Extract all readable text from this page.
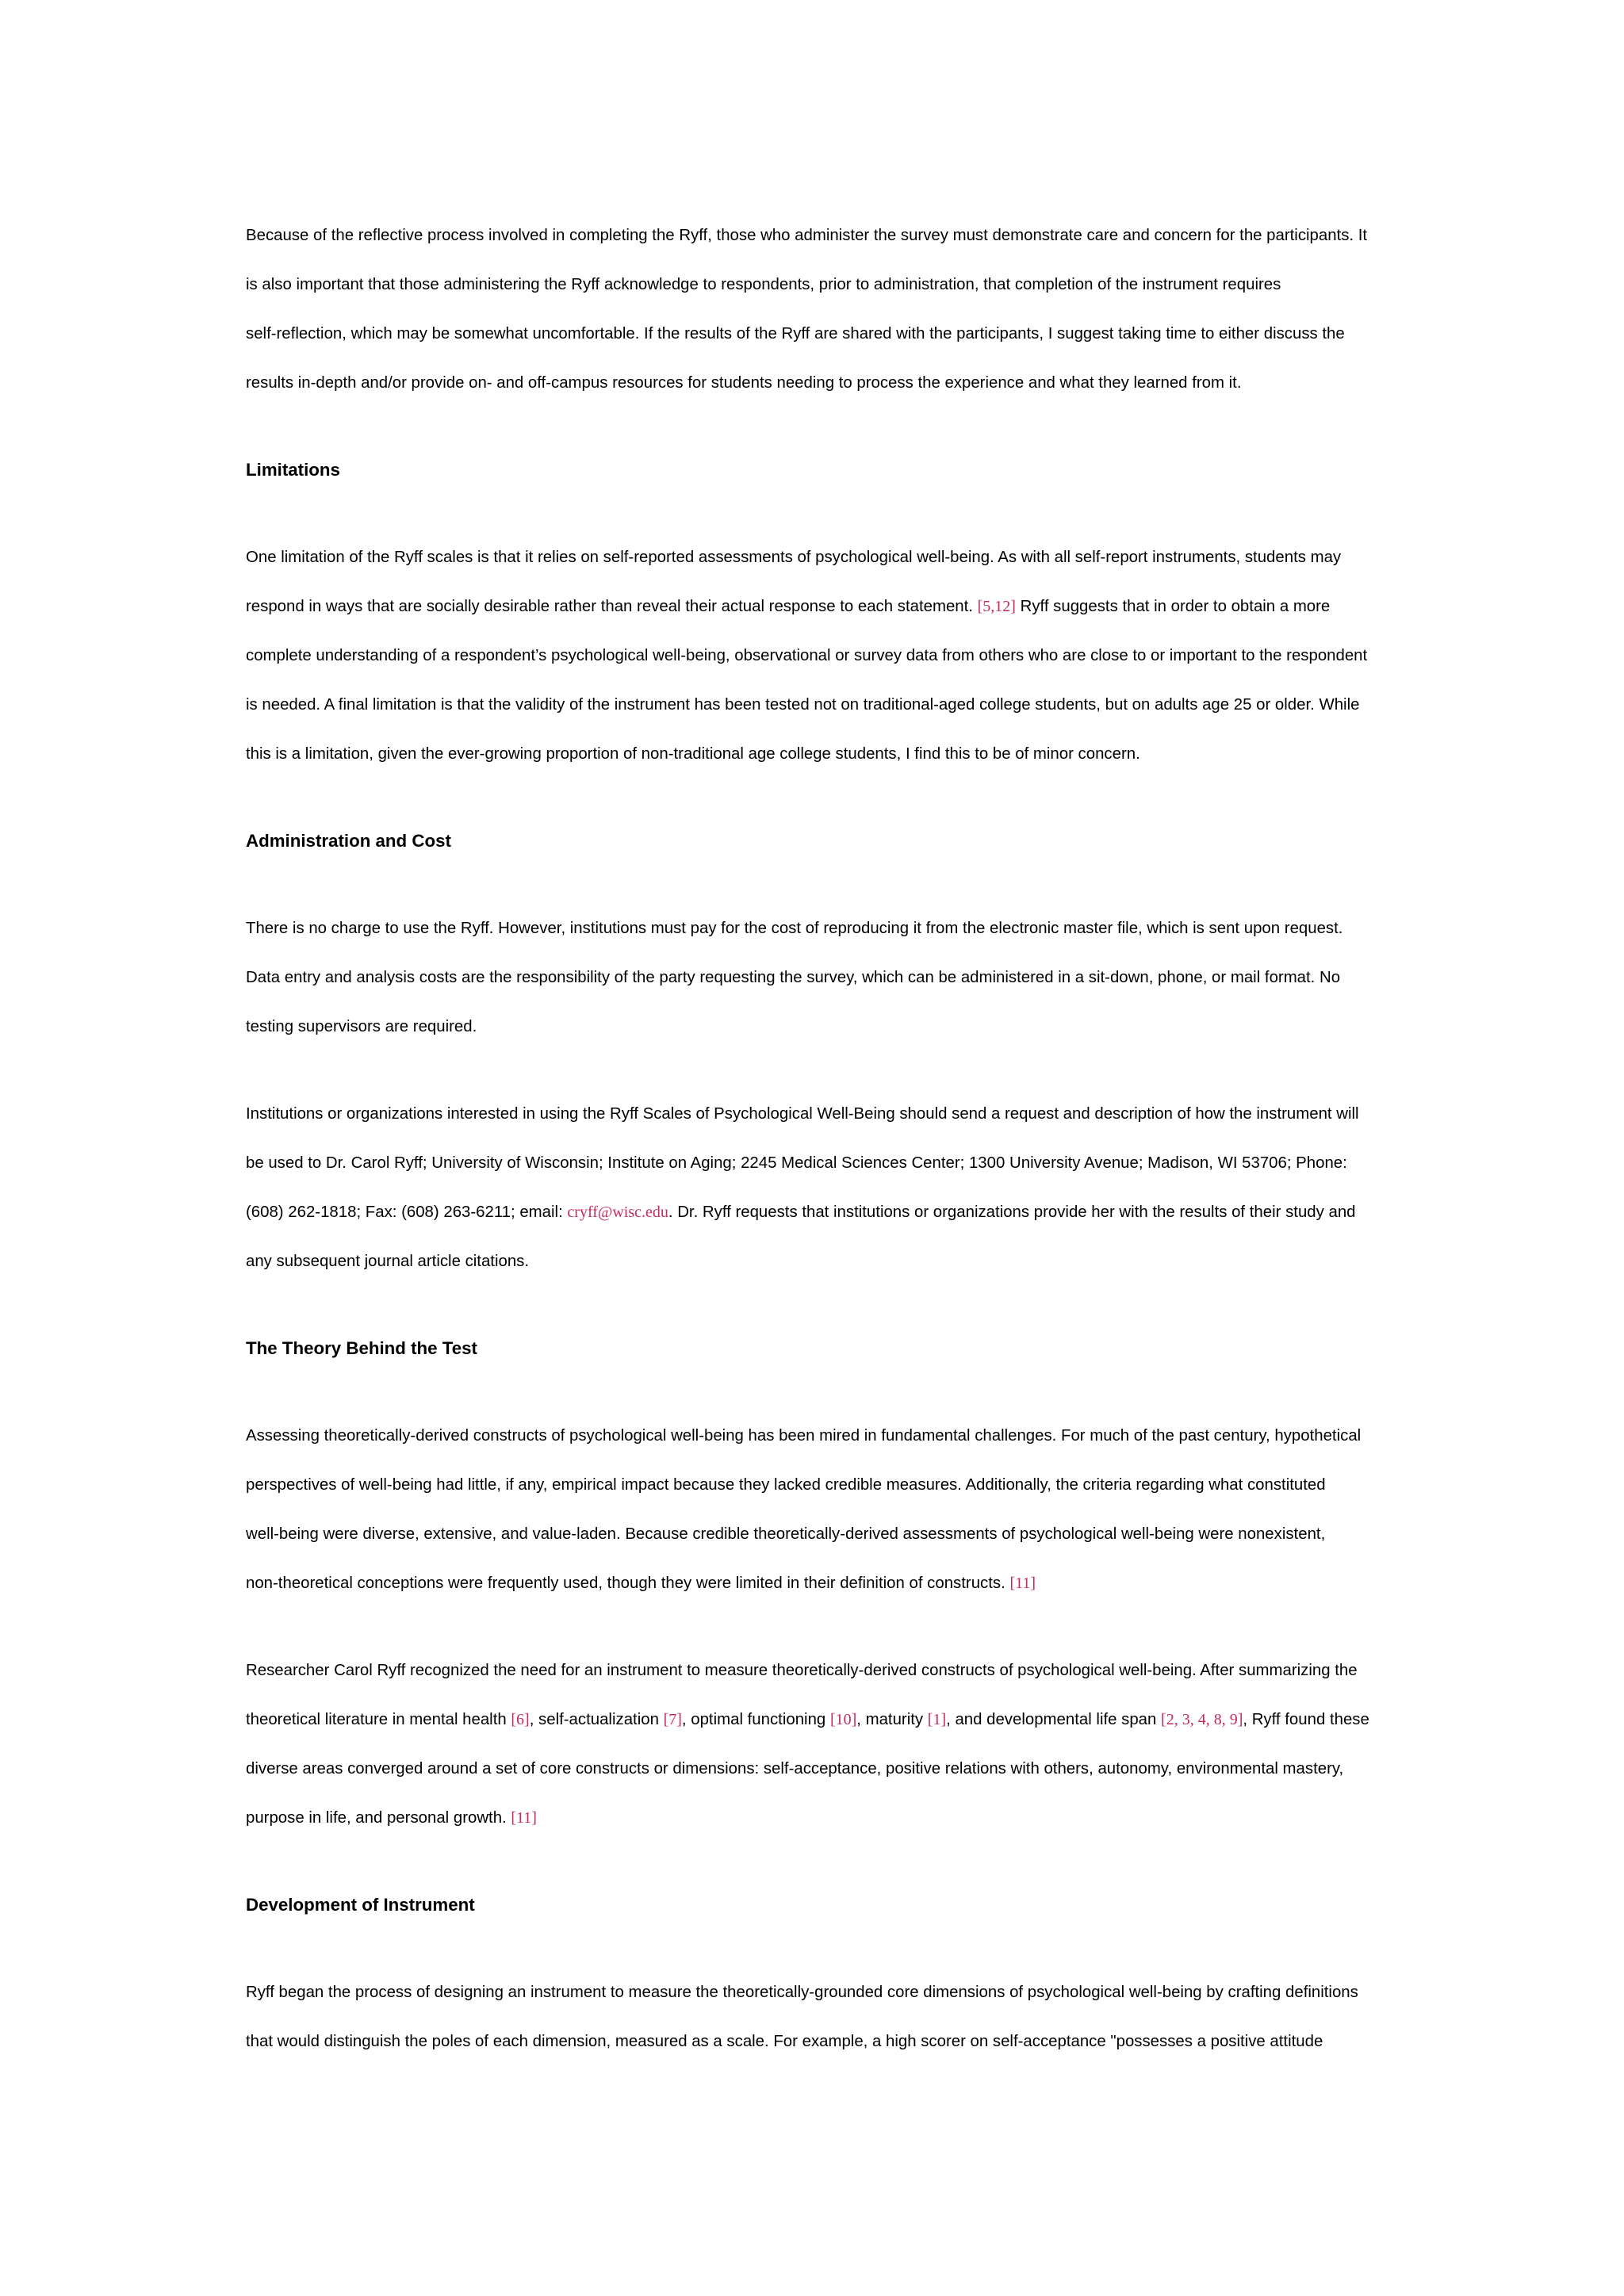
Because of the reflective process involved in completing the Ryff, those who administer the survey must demonstrate care and concern for the participants. It
is also important that those administering the Ryff acknowledge to respondents, prior to administration, that completion of the instrument requires
self-reflection, which may be somewhat uncomfortable. If the results of the Ryff are shared with the participants, I suggest taking time to either discuss the
results in-depth and/or provide on- and off-campus resources for students needing to process the experience and what they learned from it.
Limitations
One limitation of the Ryff scales is that it relies on self-reported assessments of psychological well-being. As with all self-report instruments, students may
respond in ways that are socially desirable rather than reveal their actual response to each statement. [5,12] Ryff suggests that in order to obtain a more
complete understanding of a respondent’s psychological well-being, observational or survey data from others who are close to or important to the respondent
is needed. A final limitation is that the validity of the instrument has been tested not on traditional-aged college students, but on adults age 25 or older. While
this is a limitation, given the ever-growing proportion of non-traditional age college students, I find this to be of minor concern.
Administration and Cost
There is no charge to use the Ryff. However, institutions must pay for the cost of reproducing it from the electronic master file, which is sent upon request.
Data entry and analysis costs are the responsibility of the party requesting the survey, which can be administered in a sit-down, phone, or mail format. No
testing supervisors are required.
Institutions or organizations interested in using the Ryff Scales of Psychological Well-Being should send a request and description of how the instrument will
be used to Dr. Carol Ryff; University of Wisconsin; Institute on Aging; 2245 Medical Sciences Center; 1300 University Avenue; Madison, WI 53706; Phone:
(608) 262-1818; Fax: (608) 263-6211; email: cryff@wisc.edu. Dr. Ryff requests that institutions or organizations provide her with the results of their study and
any subsequent journal article citations.
The Theory Behind the Test
Assessing theoretically-derived constructs of psychological well-being has been mired in fundamental challenges. For much of the past century, hypothetical
perspectives of well-being had little, if any, empirical impact because they lacked credible measures. Additionally, the criteria regarding what constituted
well-being were diverse, extensive, and value-laden. Because credible theoretically-derived assessments of psychological well-being were nonexistent,
non-theoretical conceptions were frequently used, though they were limited in their definition of constructs. [11]
Researcher Carol Ryff recognized the need for an instrument to measure theoretically-derived constructs of psychological well-being. After summarizing the
theoretical literature in mental health [6], self-actualization [7], optimal functioning [10], maturity [1], and developmental life span [2, 3, 4, 8, 9], Ryff found these
diverse areas converged around a set of core constructs or dimensions: self-acceptance, positive relations with others, autonomy, environmental mastery,
purpose in life, and personal growth. [11]
Development of Instrument
Ryff began the process of designing an instrument to measure the theoretically-grounded core dimensions of psychological well-being by crafting definitions
that would distinguish the poles of each dimension, measured as a scale. For example, a high scorer on self-acceptance "possesses a positive attitude
